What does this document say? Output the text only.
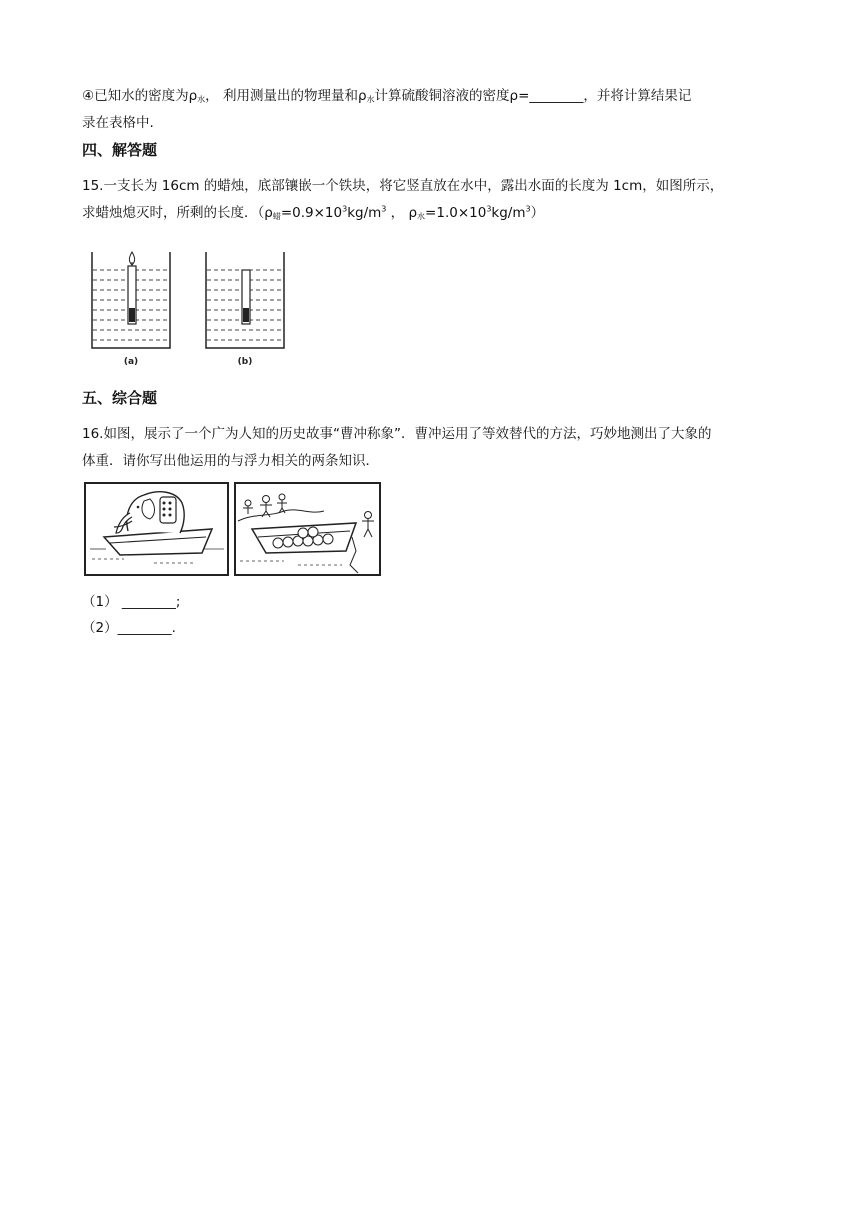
④已知水的密度为ρ水， 利用测量出的物理量和ρ水计算硫酸铜溶液的密度ρ=________，并将计算结果记
录在表格中.
四、解答题
15.一支长为 16cm 的蜡烛，底部镶嵌一个铁块，将它竖直放在水中，露出水面的长度为 1cm，如图所示，
求蜡烛熄灭时，所剩的长度．（ρ蜡$=0.9\times 10^3kg/m^3$ ， ρ水$=1.0\times 10^3kg/m^3$）
(a)	(b)
五、综合题
16.如图，展示了一个广为人知的历史故事“曹冲称象”．曹冲运用了等效替代的方法，巧妙地测出了大象的
体重．请你写出他运用的与浮力相关的两条知识．
（1） ________;
（2）________.
